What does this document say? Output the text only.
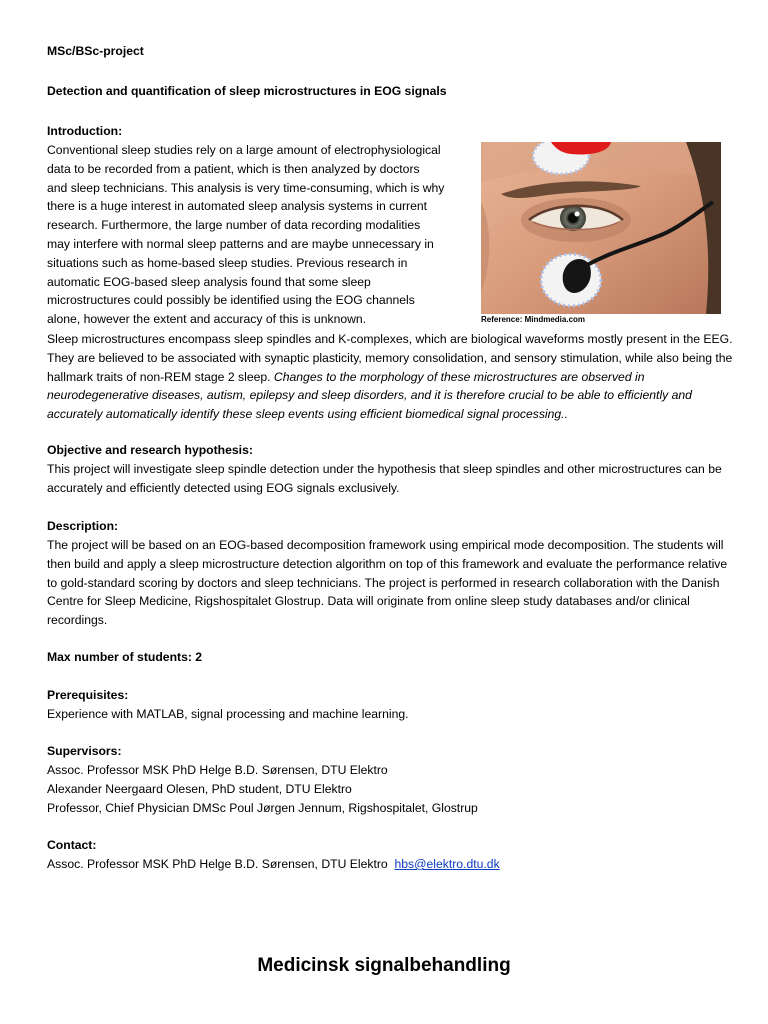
MSc/BSc-project
Detection and quantification of sleep microstructures in EOG signals
Introduction:
Conventional sleep studies rely on a large amount of electrophysiological
data to be recorded from a patient, which is then analyzed by doctors
and sleep technicians. This analysis is very time-consuming, which is why
there is a huge interest in automated sleep analysis systems in current
research. Furthermore, the large number of data recording modalities
may interfere with normal sleep patterns and are maybe unnecessary in
situations such as home-based sleep studies. Previous research in
automatic EOG-based sleep analysis found that some sleep
microstructures could possibly be identified using the EOG channels
alone, however the extent and accuracy of this is unknown.	Reference: Mindmedia.com
Sleep microstructures encompass sleep spindles and K-complexes, which are biological waveforms mostly present in the EEG. They are believed to be associated with synaptic plasticity, memory consolidation, and sensory stimulation, while also being the hallmark traits of non-REM stage 2 sleep. Changes to the morphology of these microstructures are observed in neurodegenerative diseases, autism, epilepsy and sleep disorders, and it is therefore crucial to be able to efficiently and accurately automatically identify these sleep events using efficient biomedical signal processing..
Objective and research hypothesis:
This project will investigate sleep spindle detection under the hypothesis that sleep spindles and other microstructures can be accurately and efficiently detected using EOG signals exclusively.
Description:
The project will be based on an EOG-based decomposition framework using empirical mode decomposition. The students will then build and apply a sleep microstructure detection algorithm on top of this framework and evaluate the performance relative to gold-standard scoring by doctors and sleep technicians. The project is performed in research collaboration with the Danish Centre for Sleep Medicine, Rigshospitalet Glostrup. Data will originate from online sleep study databases and/or clinical recordings.
Max number of students: 2
Prerequisites:
Experience with MATLAB, signal processing and machine learning.
Supervisors:
Assoc. Professor MSK PhD Helge B.D. Sørensen, DTU Elektro
Alexander Neergaard Olesen, PhD student, DTU Elektro
Professor, Chief Physician DMSc Poul Jørgen Jennum, Rigshospitalet, Glostrup
Contact:
Assoc. Professor MSK PhD Helge B.D. Sørensen, DTU Elektro hbs@elektro.dtu.dk
Medicinsk signalbehandling
